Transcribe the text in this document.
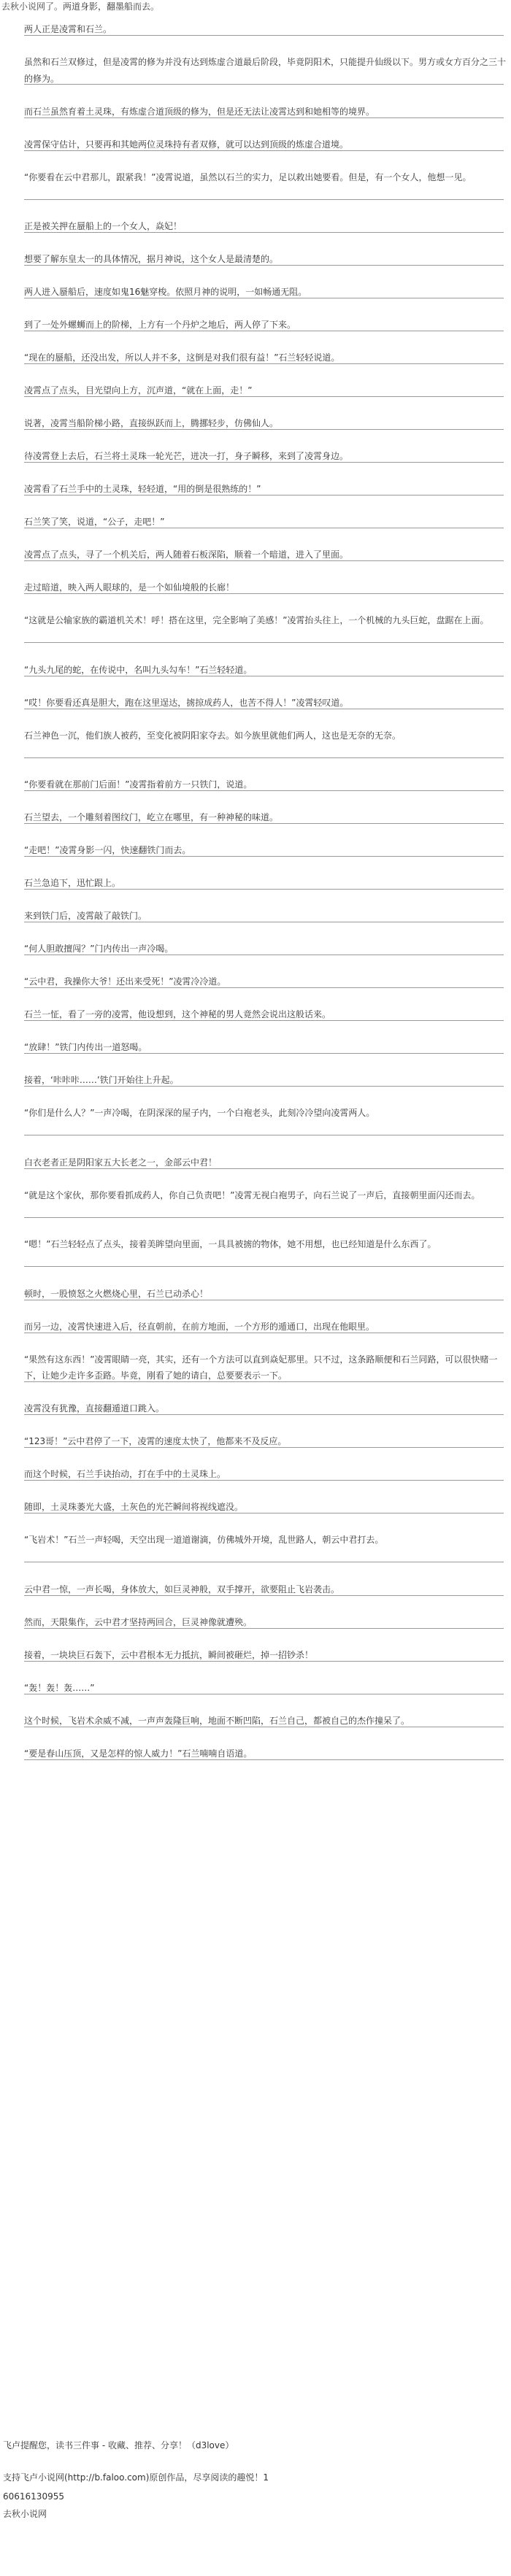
去秋小说网了。两道身影，翻墨船而去。
两人正是凌霄和石兰。
虽然和石兰双修过，但是凌霄的修为并没有达到炼虚合道最后阶段，毕竟阴阳术，只能提升仙级以下。男方或女方百分之三十的修为。
而石兰虽然育着土灵珠，有炼虚合道顶级的修为，但是还无法让凌霄达到和她相等的境界。
凌霄保守估计，只要再和其她两位灵珠持有者双修，就可以达到顶级的炼虚合道境。
“你要看在云中君那儿，跟紧我！”凌霄说道，虽然以石兰的实力，足以救出她要看。但是，有一个女人，他想一见。
正是被关押在蜃船上的一个女人，焱妃！
想要了解东皇太一的具体情况，据月神说，这个女人是最清楚的。
两人进入蜃船后，速度如鬼16魅穿梭。依照月神的说明，一如畅通无阻。
到了一处外螺蛳而上的阶梯，上方有一个丹炉之地后，两人停了下来。
“现在的蜃船，还没出发，所以人并不多，这倒是对我们很有益！”石兰轻轻说道。
凌霄点了点头，目光望向上方，沉声道，“就在上面，走！”
说著，凌霄当船阶梯小路，直接纵跃而上，腾挪轻步，仿佛仙人。
待凌霄登上去后，石兰将土灵珠一轮光芒，迸决一打，身子瞬移，来到了凌霄身边。
凌霄看了石兰手中的土灵珠，轻轻道，“用的倒是很熟练的！”
石兰笑了笑，说道，“公子，走吧！”
凌霄点了点头，寻了一个机关后，两人随着石板深陷，顺着一个暗道，进入了里面。
走过暗道，映入两人眼球的，是一个如仙境般的长廊！
“这就是公输家族的霸道机关术！呼！搭在这里，完全影响了美感！”凌霄抬头往上，一个机械的九头巨蛇，盘踞在上面。
“九头九尾的蛇，在传说中，名叫九头勾车！”石兰轻轻道。
“哎！你要看还真是胆大，跑在这里逞达，掳掠成药人，也苦不得人！”凌霄轻叹道。
石兰神色一沉，他们族人被药，至变化被阴阳家夺去。如今族里就他们两人，这也是无奈的无奈。
“你要看就在那前门后面！”凌霄指着前方一只铁门，说道。
石兰望去，一个雕刻着图纹门，屹立在哪里，有一种神秘的味道。
“走吧！”凌霄身影一闪，快速翻铁门而去。
石兰急追下，迅忙跟上。
来到铁门后，凌霄敲了敲铁门。
“何人胆敢擅闯？”门内传出一声冷喝。
“云中君，我操你大爷！还出来受死！”凌霄冷冷道。
石兰一怔，看了一旁的凌霄，他设想到，这个神秘的男人竟然会说出这般话来。
“放肆！”铁门内传出一道怒喝。
接着，‘咔咔咔……’铁门开始往上升起。
“你们是什么人？”一声冷喝，在阴深深的屋子内，一个白袍老头，此刻冷冷望向凌霄两人。
白衣老者正是阴阳家五大长老之一，金部云中君！
“就是这个家伙，那你要看抓成药人，你自己负责吧！”凌霄无视白袍男子，向石兰说了一声后，直接朝里面闪还而去。
“嗯！”石兰轻轻点了点头，接着美眸望向里面，一具具被掳的物体，她不用想，也已经知道是什么东西了。
顿时，一股愤怒之火燃烧心里，石兰已动杀心！
而另一边，凌霄快速进入后，径直朝前，在前方地面，一个方形的遁通口，出现在他眼里。
“果然有这东西！”凌霄眼睛一亮，其实，还有一个方法可以直到焱妃那里。只不过，这条路顺便和石兰同路，可以很快赌一下，让她少走许多歪路。毕竟，刚看了她的请白，总要要表示一下。
凌霄没有犹豫，直接翻遁道口跳入。
“123哥！”云中君停了一下，凌霄的速度太快了，他都来不及反应。
而这个时候，石兰手诀抬动，打在手中的土灵珠上。
随即，土灵珠萎光大盛，土灰色的光芒瞬间将视线遮没。
“飞岩术！”石兰一声轻喝，天空出现一道道谢滴，仿佛城外开境，乱世路人，朝云中君打去。
云中君一惊，一声长喝，身体放大，如巨灵神般，双手撑开，欲要阻止飞岩袭击。
然而，天限集作，云中君才坚持两回合，巨灵神像就遭殃。
接着，一块块巨石轰下，云中君根本无力抵抗，瞬间被砸烂，掉一招钞杀！
“轰！轰！轰……”
这个时候，飞岩术余威不减，一声声轰隆巨响，地面不断凹陷，石兰自己，都被自己的杰作撞呆了。
“要是春山压顶，又是怎样的惊人威力！”石兰喃喃自语道。
飞卢提醒您，读书三件事 - 收藏、推荐、分享！（d3love）
支持飞卢小说网(http://b.faloo.com)原创作品，尽享阅读的趣悦！1
60616130955
去秋小说网
